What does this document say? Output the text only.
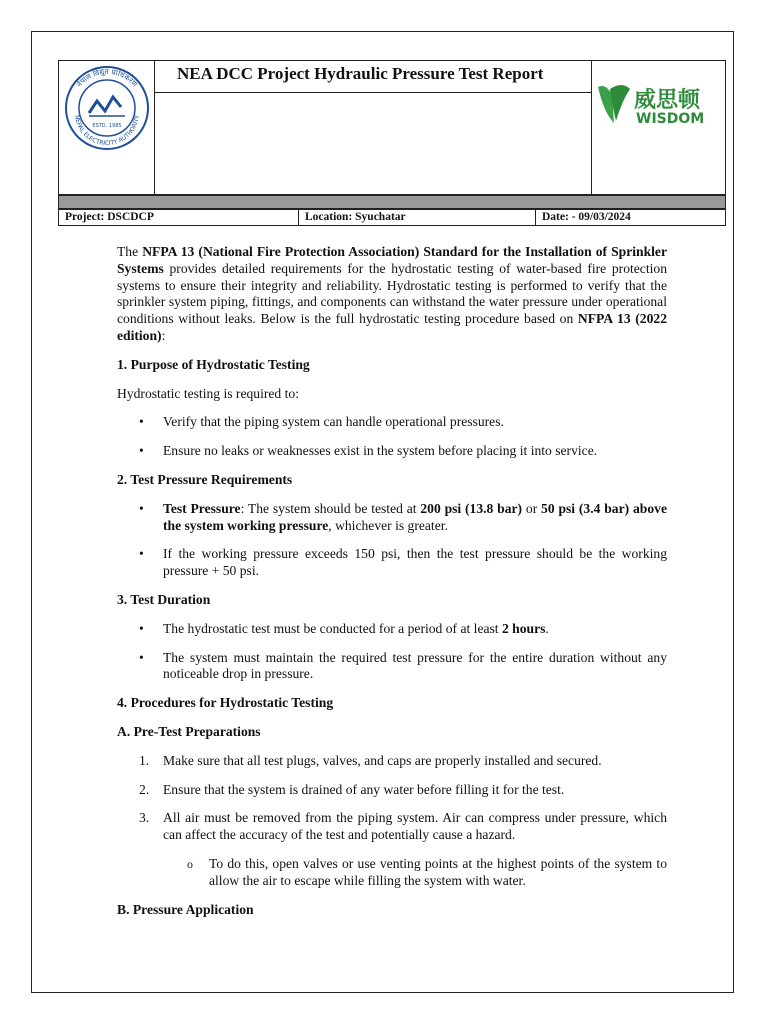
नेपाल विद्युत प्राधिकरण
NEPAL ELECTRICITY AUTHORITY
ESTD. 1985
NEA DCC Project Hydraulic Pressure Test Report
威思顿
WISDOM
Project: DSCDCP	Location: Syuchatar	Date: - 09/03/2024

The NFPA 13 (National Fire Protection Association) Standard for the Installation of Sprinkler Systems provides detailed requirements for the hydrostatic testing of water-based fire protection systems to ensure their integrity and reliability. Hydrostatic testing is performed to verify that the sprinkler system piping, fittings, and components can withstand the water pressure under operational conditions without leaks. Below is the full hydrostatic testing procedure based on NFPA 13 (2022 edition):

1. Purpose of Hydrostatic Testing

Hydrostatic testing is required to:

• Verify that the piping system can handle operational pressures.
• Ensure no leaks or weaknesses exist in the system before placing it into service.

2. Test Pressure Requirements

• Test Pressure: The system should be tested at 200 psi (13.8 bar) or 50 psi (3.4 bar) above the system working pressure, whichever is greater.
• If the working pressure exceeds 150 psi, then the test pressure should be the working pressure + 50 psi.

3. Test Duration

• The hydrostatic test must be conducted for a period of at least 2 hours.
• The system must maintain the required test pressure for the entire duration without any noticeable drop in pressure.

4. Procedures for Hydrostatic Testing

A. Pre-Test Preparations

1. Make sure that all test plugs, valves, and caps are properly installed and secured.
2. Ensure that the system is drained of any water before filling it for the test.
3. All air must be removed from the piping system. Air can compress under pressure, which can affect the accuracy of the test and potentially cause a hazard.
o To do this, open valves or use venting points at the highest points of the system to allow the air to escape while filling the system with water.

B. Pressure Application
